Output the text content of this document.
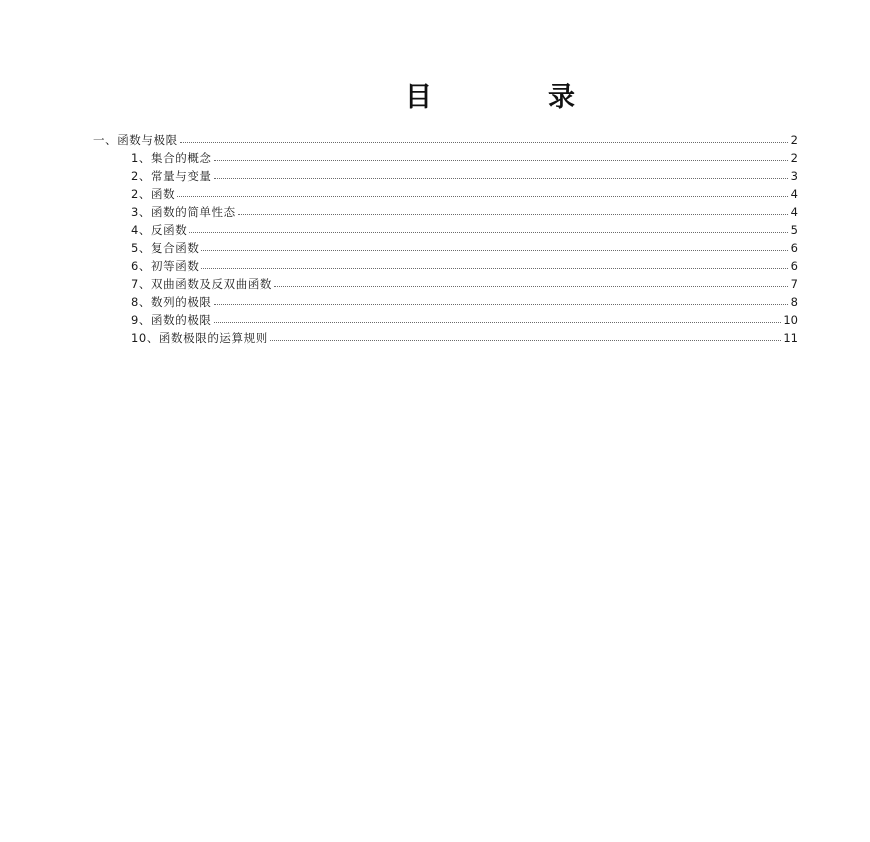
目	录
一、函数与极限	2
1、集合的概念	2
2、常量与变量	3
2、函数	4
3、函数的简单性态	4
4、反函数	5
5、复合函数	6
6、初等函数	6
7、双曲函数及反双曲函数	7
8、数列的极限	8
9、函数的极限	10
10、函数极限的运算规则	11
